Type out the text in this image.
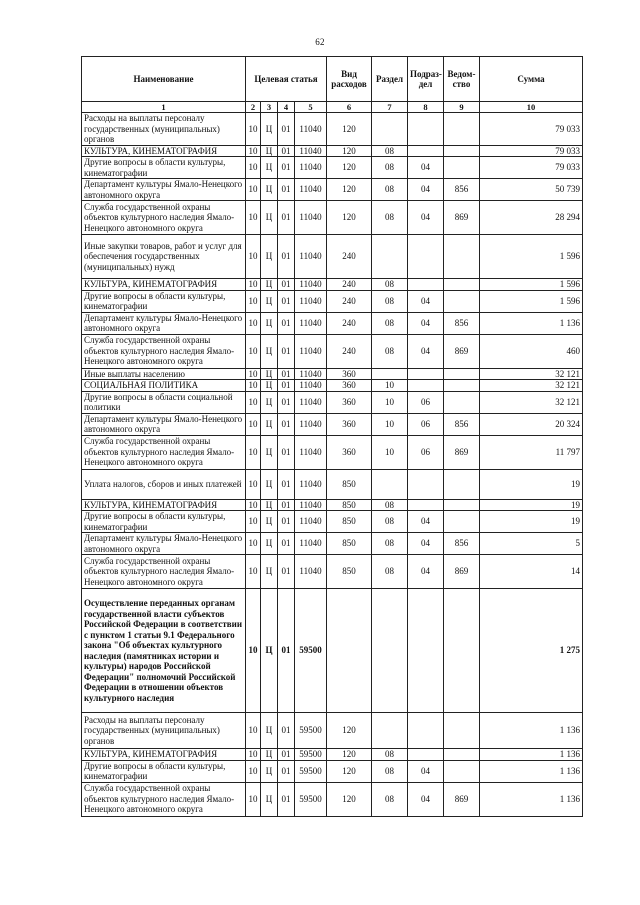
62
Наименование	Целевая статья				Вид расходов	Раздел	Подраз-дел	Ведом-ство	Сумма
1	2	3	4	5	6	7	8	9	10
Расходы на выплаты персоналу государственных (муниципальных) органов	10	Ц	01	11040	120				79 033
КУЛЬТУРА, КИНЕМАТОГРАФИЯ	10	Ц	01	11040	120	08			79 033
Другие вопросы в области культуры, кинематографии	10	Ц	01	11040	120	08	04		79 033
Департамент культуры Ямало-Ненецкого автономного округа	10	Ц	01	11040	120	08	04	856	50 739
Служба государственной охраны объектов культурного наследия Ямало-Ненецкого автономного округа	10	Ц	01	11040	120	08	04	869	28 294
Иные закупки товаров, работ и услуг для обеспечения государственных (муниципальных) нужд	10	Ц	01	11040	240				1 596
КУЛЬТУРА, КИНЕМАТОГРАФИЯ	10	Ц	01	11040	240	08			1 596
Другие вопросы в области культуры, кинематографии	10	Ц	01	11040	240	08	04		1 596
Департамент культуры Ямало-Ненецкого автономного округа	10	Ц	01	11040	240	08	04	856	1 136
Служба государственной охраны объектов культурного наследия Ямало-Ненецкого автономного округа	10	Ц	01	11040	240	08	04	869	460
Иные выплаты населению	10	Ц	01	11040	360				32 121
СОЦИАЛЬНАЯ ПОЛИТИКА	10	Ц	01	11040	360	10			32 121
Другие вопросы в области социальной политики	10	Ц	01	11040	360	10	06		32 121
Департамент культуры Ямало-Ненецкого автономного округа	10	Ц	01	11040	360	10	06	856	20 324
Служба государственной охраны объектов культурного наследия Ямало-Ненецкого автономного округа	10	Ц	01	11040	360	10	06	869	11 797
Уплата налогов, сборов и иных платежей	10	Ц	01	11040	850				19
КУЛЬТУРА, КИНЕМАТОГРАФИЯ	10	Ц	01	11040	850	08			19
Другие вопросы в области культуры, кинематографии	10	Ц	01	11040	850	08	04		19
Департамент культуры Ямало-Ненецкого автономного округа	10	Ц	01	11040	850	08	04	856	5
Служба государственной охраны объектов культурного наследия Ямало-Ненецкого автономного округа	10	Ц	01	11040	850	08	04	869	14
Осуществление переданных органам государственной власти субъектов Российской Федерации в соответствии с пунктом 1 статьи 9.1 Федерального закона "Об объектах культурного наследия (памятниках истории и культуры) народов Российской Федерации" полномочий Российской Федерации в отношении объектов культурного наследия	10	Ц	01	59500					1 275
Расходы на выплаты персоналу государственных (муниципальных) органов	10	Ц	01	59500	120				1 136
КУЛЬТУРА, КИНЕМАТОГРАФИЯ	10	Ц	01	59500	120	08			1 136
Другие вопросы в области культуры, кинематографии	10	Ц	01	59500	120	08	04		1 136
Служба государственной охраны объектов культурного наследия Ямало-Ненецкого автономного округа	10	Ц	01	59500	120	08	04	869	1 136
